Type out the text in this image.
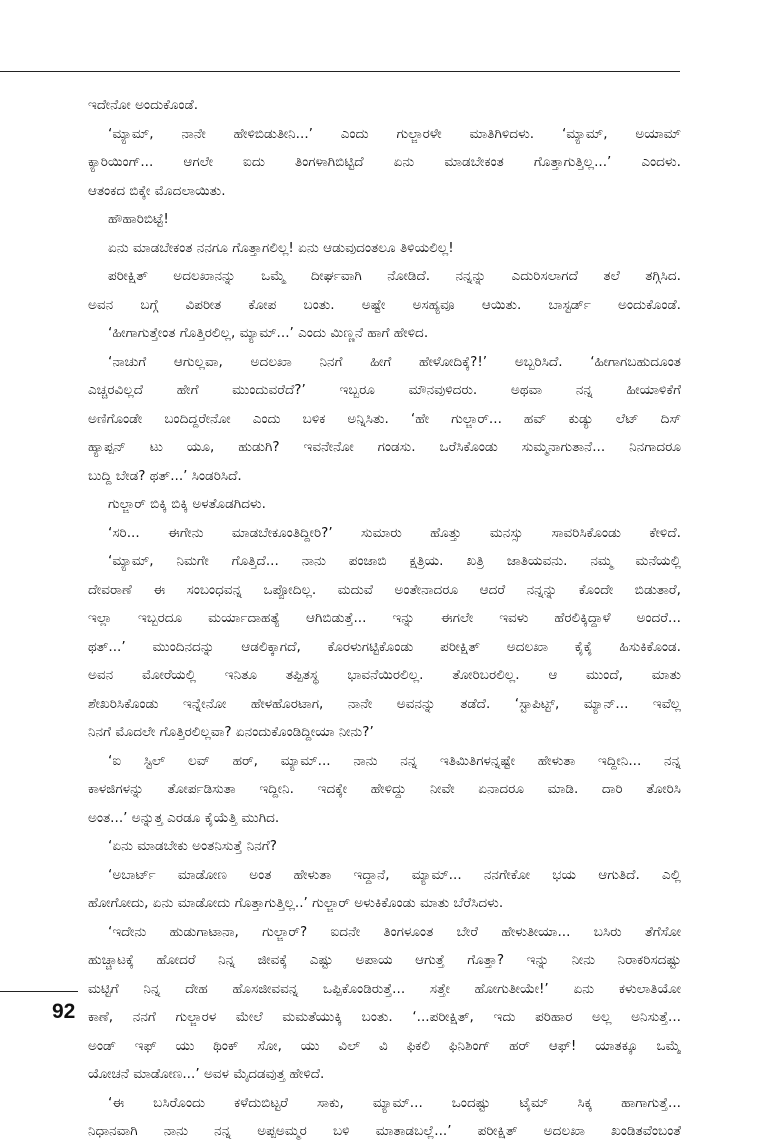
ಇದೇನೋ ಅಂದುಕೊಂಡೆ.
‘ಮ್ಯಾಮ್, ನಾನೇ ಹೇಳಿಬಿಡುತೀನಿ...’ ಎಂದು ಗುಲ್ಜಾರಳೇ ಮಾತಿಗಿಳಿದಳು. ‘ಮ್ಯಾಮ್, ಅಯಾಮ್
ಕ್ಯಾರಿಯಿಂಗ್... ಆಗಲೇ ಐದು ತಿಂಗಳಾಗಿಬಿಟ್ಟಿದೆ ಏನು ಮಾಡಬೇಕಂತ ಗೊತ್ತಾಗುತ್ತಿಲ್ಲ...’ ಎಂದಳು.
ಆತಂಕದ ಬಿಕ್ಕೇ ಮೊದಲಾಯಿತು.
ಹೌಹಾರಿಬಿಟ್ಟೆ!
ಏನು ಮಾಡಬೇಕಂತ ನನಗೂ ಗೊತ್ತಾಗಲಿಲ್ಲ! ಏನು ಆಡುವುದಂತಲೂ ತಿಳಿಯಲಿಲ್ಲ!
ಪರೀಕ್ಷಿತ್ ಅದಲಖಾನನ್ನು ಒಮ್ಮೆ ದೀರ್ಘವಾಗಿ ನೋಡಿದೆ. ನನ್ನನ್ನು ಎದುರಿಸಲಾಗದೆ ತಲೆ ತಗ್ಗಿಸಿದ.
ಅವನ ಬಗ್ಗೆ ವಿಪರೀತ ಕೋಪ ಬಂತು. ಅಷ್ಟೇ ಅಸಹ್ಯವೂ ಆಯಿತು. ಬಾಸ್ಟರ್ಡ್ ಅಂದುಕೊಂಡೆ.
‘ಹೀಗಾಗುತ್ತೇಂತ ಗೊತ್ತಿರಲಿಲ್ಲ, ಮ್ಯಾಮ್...’ ಎಂದು ಮಿಣ್ಣನೆ ಹಾಗೆ ಹೇಳಿದ.
‘ನಾಚುಗೆ ಆಗುಲ್ಲವಾ, ಅದಲಖಾ ನಿನಗೆ ಹೀಗೆ ಹೇಳೋದಿಕ್ಕೆ?!’ ಅಬ್ಬರಿಸಿದೆ. ‘ಹೀಗಾಗಬಹುದೂಂತ
ಎಚ್ಚರವಿಲ್ಲದೆ ಹೇಗೆ ಮುಂದುವರೆದೆ?’ ಇಬ್ಬರೂ ಮೌನವುಳಿದರು. ಅಥವಾ ನನ್ನ ಹೀಯಾಳಿಕೆಗೆ
ಅಣಿಗೊಂಡೇ ಬಂದಿದ್ದರೇನೋ ಎಂದು ಬಳಿಕ ಅನ್ನಿಸಿತು. ‘ಹೇ ಗುಲ್ಜಾರ್... ಹವ್ ಕುಡ್ಯು ಲೆಟ್ ದಿಸ್
ಹ್ಯಾಪ್ಪನ್ ಟು ಯೂ, ಹುಡುಗಿ? ಇವನೇನೋ ಗಂಡಸು. ಒರೆಸಿಕೊಂಡು ಸುಮ್ಮನಾಗುತಾನೆ... ನಿನಗಾದರೂ
ಬುದ್ದಿ ಬೇಡ? ಥತ್...’ ಸಿಂಡರಿಸಿದೆ.
ಗುಲ್ಜಾರ್ ಬಿಕ್ಕಿ ಬಿಕ್ಕಿ ಅಳತೊಡಗಿದಳು.
‘ಸರಿ... ಈಗೇನು ಮಾಡಬೇಕೂಂತಿದ್ದೀರಿ?’ ಸುಮಾರು ಹೊತ್ತು ಮನಸ್ಸು ಸಾವರಿಸಿಕೊಂಡು ಕೇಳಿದೆ.
‘ಮ್ಯಾಮ್, ನಿಮಗೇ ಗೊತ್ತಿದೆ... ನಾನು ಪಂಜಾಬಿ ಕ್ಷತ್ರಿಯ. ಖತ್ರಿ ಜಾತಿಯವನು. ನಮ್ಮ ಮನೆಯಲ್ಲಿ
ದೇವರಾಣೆ ಈ ಸಂಬಂಧವನ್ನ ಒಪ್ಪೋದಿಲ್ಲ. ಮದುವೆ ಅಂತೇನಾದರೂ ಆದರೆ ನನ್ನನ್ನು ಕೊಂದೇ ಬಿಡುತಾರೆ,
ಇಲ್ಲಾ ಇಬ್ಬರದೂ ಮರ್ಯಾದಾಹತ್ಯೆ ಆಗಿಬಿಡುತ್ತೆ... ಇನ್ನು ಈಗಲೇ ಇವಳು ಹೆರಲಿಕ್ಕಿದ್ದಾಳೆ ಅಂದರೆ...
ಥತ್...’ ಮುಂದಿನದನ್ನು ಆಡಲಿಕ್ಕಾಗದೆ, ಕೊರಳುಗಟ್ಟಿಕೊಂಡು ಪರೀಕ್ಷಿತ್ ಅದಲಖಾ ಕೈಕೈ ಹಿಸುಕಿಕೊಂಡ.
ಅವನ ಮೋರೆಯಲ್ಲಿ ಇನಿತೂ ತಪ್ಪಿತಸ್ಥ ಭಾವನೆಯಿರಲಿಲ್ಲ. ತೋರಿಬರಲಿಲ್ಲ. ಆ ಮುಂದೆ, ಮಾತು
ಶೇಖರಿಸಿಕೊಂಡು ಇನ್ನೇನೋ ಹೇಳಹೊರಟಾಗ, ನಾನೇ ಅವನನ್ನು ತಡೆದೆ. ‘ಸ್ಟಾಪಿಟ್ಟ್, ಮ್ಯಾನ್... ಇವೆಲ್ಲ
ನಿನಗೆ ಮೊದಲೇ ಗೊತ್ತಿರಲಿಲ್ಲವಾ? ಏನಂದುಕೊಂಡಿದ್ದೀಯಾ ನೀನು?’
‘ಐ ಸ್ಟಿಲ್ ಲವ್ ಹರ್, ಮ್ಯಾಮ್... ನಾನು ನನ್ನ ಇತಿಮಿತಿಗಳನ್ನಷ್ಟೇ ಹೇಳುತಾ ಇದ್ದೀನಿ... ನನ್ನ
ಕಾಳಜಿಗಳನ್ನು ತೋರ್ಪಡಿಸುತಾ ಇದ್ದೀನಿ. ಇದಕ್ಕೇ ಹೇಳಿದ್ದು ನೀವೇ ಏನಾದರೂ ಮಾಡಿ. ದಾರಿ ತೋರಿಸಿ
ಅಂತ...’ ಅನ್ನುತ್ತ ಎರಡೂ ಕೈಯೆತ್ತಿ ಮುಗಿದ.
‘ಏನು ಮಾಡಬೇಕು ಅಂತನಿಸುತ್ತೆ ನಿನಗೆ?
‘ಅಬಾರ್ಟ್ ಮಾಡೋಣ ಅಂತ ಹೇಳುತಾ ಇದ್ದಾನೆ, ಮ್ಯಾಮ್... ನನಗೇಕೋ ಭಯ ಆಗುತಿದೆ. ಎಲ್ಲಿ
ಹೋಗೋದು, ಏನು ಮಾಡೋದು ಗೊತ್ತಾಗುತ್ತಿಲ್ಲ..’ ಗುಲ್ಜಾರ್ ಅಳುಕಿಕೊಂಡು ಮಾತು ಬೆರೆಸಿದಳು.
‘ಇದೇನು ಹುಡುಗಾಟಾನಾ, ಗುಲ್ಜಾರ್? ಐದನೇ ತಿಂಗಳೂಂತ ಬೇರೆ ಹೇಳುತೀಯಾ... ಬಸಿರು ತೆಗೆಸೋ
ಹುಚ್ಚಾಟಕ್ಕೆ ಹೋದರೆ ನಿನ್ನ ಜೀವಕ್ಕೆ ಎಷ್ಟು ಅಪಾಯ ಆಗುತ್ತೆ ಗೊತ್ತಾ? ಇನ್ನು ನೀನು ನಿರಾಕರಿಸದಷ್ಟು
ಮಟ್ಟಿಗೆ ನಿನ್ನ ದೇಹ ಹೊಸಜೀವವನ್ನ ಒಪ್ಪಿಕೊಂಡಿರುತ್ತೆ... ಸತ್ತೇ ಹೋಗುತೀಯೇ!’ ಏನು ಕಳುಲಾತಿಯೋ
ಕಾಣೆ, ನನಗೆ ಗುಲ್ಜಾರಳ ಮೇಲೆ ಮಮತೆಯುಕ್ಕಿ ಬಂತು. ‘...ಪರೀಕ್ಷಿತ್, ಇದು ಪರಿಹಾರ ಅಲ್ಲ ಅನಿಸುತ್ತೆ...
ಅಂಡ್ ಇಫ್ ಯು ಥಿಂಕ್ ಸೋ, ಯು ವಿಲ್ ವಿ ಫಿಕಲಿ ಫಿನಿಶಿಂಗ್ ಹರ್ ಆಫ್! ಯಾತಕ್ಕೂ ಒಮ್ಮೆ
ಯೋಚನೆ ಮಾಡೋಣ...’ ಅವಳ ಮೈದಡವುತ್ತ ಹೇಳಿದೆ.
‘ಈ ಬಸಿರೊಂದು ಕಳೆದುಬಿಟ್ಟರೆ ಸಾಕು, ಮ್ಯಾಮ್... ಒಂದಷ್ಟು ಟೈಮ್ ಸಿಕ್ಕ ಹಾಗಾಗುತ್ತೆ...
ನಿಧಾನವಾಗಿ ನಾನು ನನ್ನ ಅಪ್ಪಅಮ್ಮರ ಬಳಿ ಮಾತಾಡಬಲ್ಲೆ...’ ಪರೀಕ್ಷಿತ್ ಅದಲಖಾ ಖಂಡಿತವೆಂಬಂತೆ
92
